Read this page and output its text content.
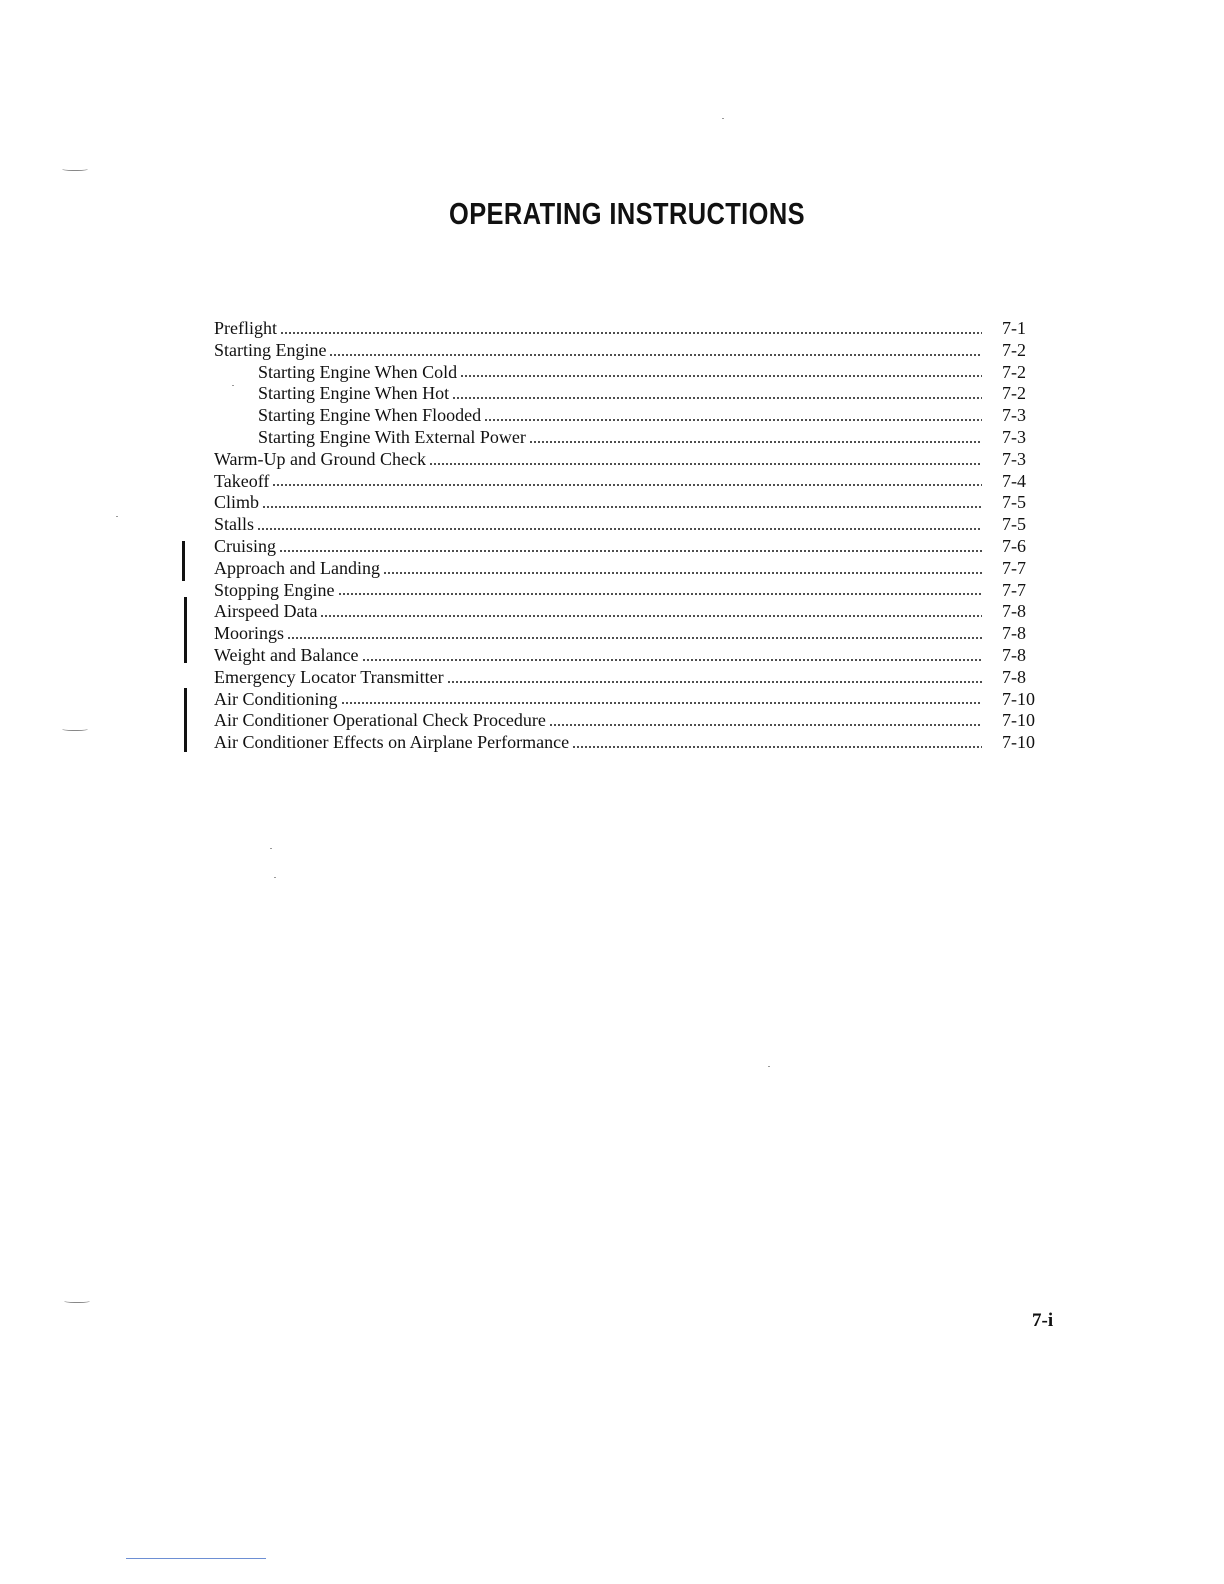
OPERATING INSTRUCTIONS
Preflight	7-1
Starting Engine	7-2
Starting Engine When Cold	7-2
Starting Engine When Hot	7-2
Starting Engine When Flooded	7-3
Starting Engine With External Power	7-3
Warm-Up and Ground Check	7-3
Takeoff	7-4
Climb	7-5
Stalls	7-5
Cruising	7-6
Approach and Landing	7-7
Stopping Engine	7-7
Airspeed Data	7-8
Moorings	7-8
Weight and Balance	7-8
Emergency Locator Transmitter	7-8
Air Conditioning	7-10
Air Conditioner Operational Check Procedure	7-10
Air Conditioner Effects on Airplane Performance	7-10
7-i
